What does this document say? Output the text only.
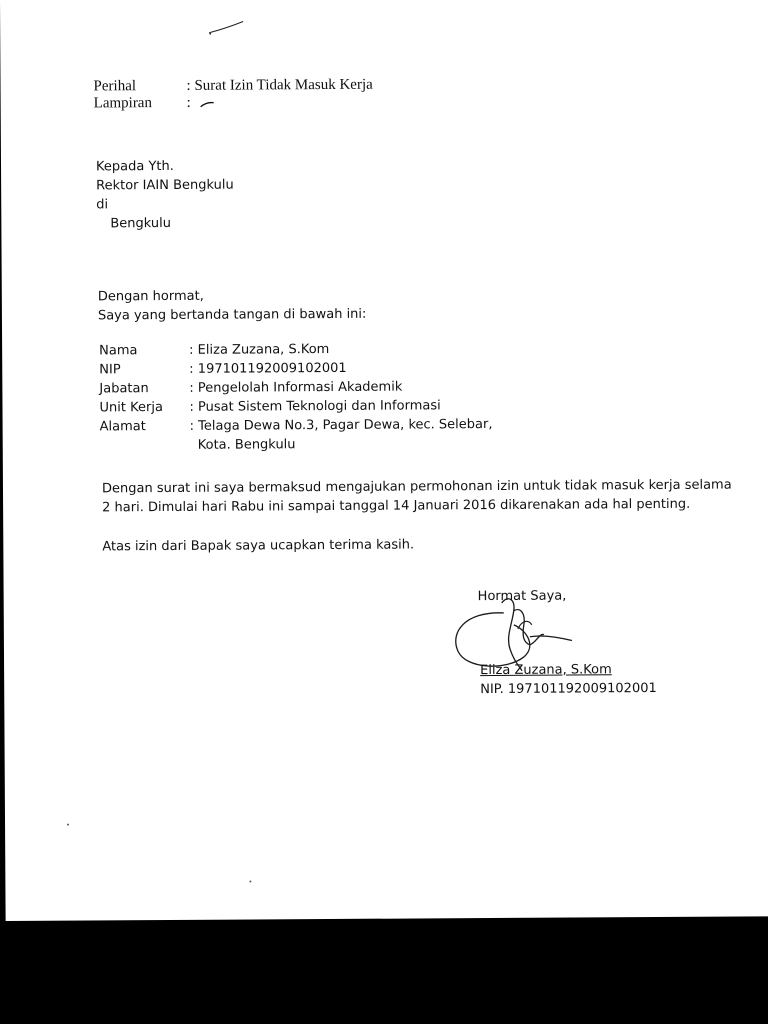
Perihal	: Surat Izin Tidak Masuk Kerja
Lampiran :
Kepada Yth.
Rektor IAIN Bengkulu
di
Bengkulu
Dengan hormat,
Saya yang bertanda tangan di bawah ini:
Nama	: Eliza Zuzana, S.Kom
NIP	: 197101192009102001
Jabatan	: Pengelolah Informasi Akademik
Unit Kerja : Pusat Sistem Teknologi dan Informasi
Alamat	: Telaga Dewa No.3, Pagar Dewa, kec. Selebar,
Kota. Bengkulu
Dengan surat ini saya bermaksud mengajukan permohonan izin untuk tidak masuk kerja selama
2 hari. Dimulai hari Rabu ini sampai tanggal 14 Januari 2016 dikarenakan ada hal penting.
Atas izin dari Bapak saya ucapkan terima kasih.
Hormat Saya,
Eliza Zuzana, S.Kom
NIP. 197101192009102001
